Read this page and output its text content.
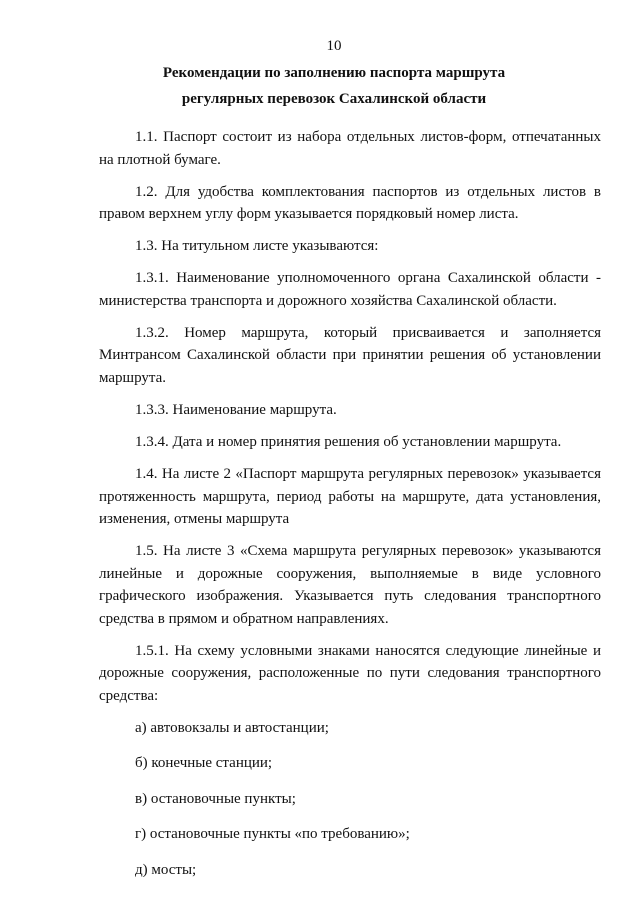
10
Рекомендации по заполнению паспорта маршрута
регулярных перевозок Сахалинской области

1.1. Паспорт состоит из набора отдельных листов-форм, отпечатанных на плотной бумаге.

1.2. Для удобства комплектования паспортов из отдельных листов в правом верхнем углу форм указывается порядковый номер листа.

1.3. На титульном листе указываются:

1.3.1. Наименование уполномоченного органа Сахалинской области - министерства транспорта и дорожного хозяйства Сахалинской области.

1.3.2. Номер маршрута, который присваивается и заполняется Минтрансом Сахалинской области при принятии решения об установлении маршрута.

1.3.3. Наименование маршрута.

1.3.4. Дата и номер принятия решения об установлении маршрута.

1.4. На листе 2 «Паспорт маршрута регулярных перевозок» указывается протяженность маршрута, период работы на маршруте, дата установления, изменения, отмены маршрута

1.5. На листе 3 «Схема маршрута регулярных перевозок» указываются линейные и дорожные сооружения, выполняемые в виде условного графического изображения. Указывается путь следования транспортного средства в прямом и обратном направлениях.

1.5.1. На схему условными знаками наносятся следующие линейные и дорожные сооружения, расположенные по пути следования транспортного средства:

а) автовокзалы и автостанции;

б) конечные станции;

в) остановочные пункты;

г) остановочные пункты «по требованию»;

д) мосты;
